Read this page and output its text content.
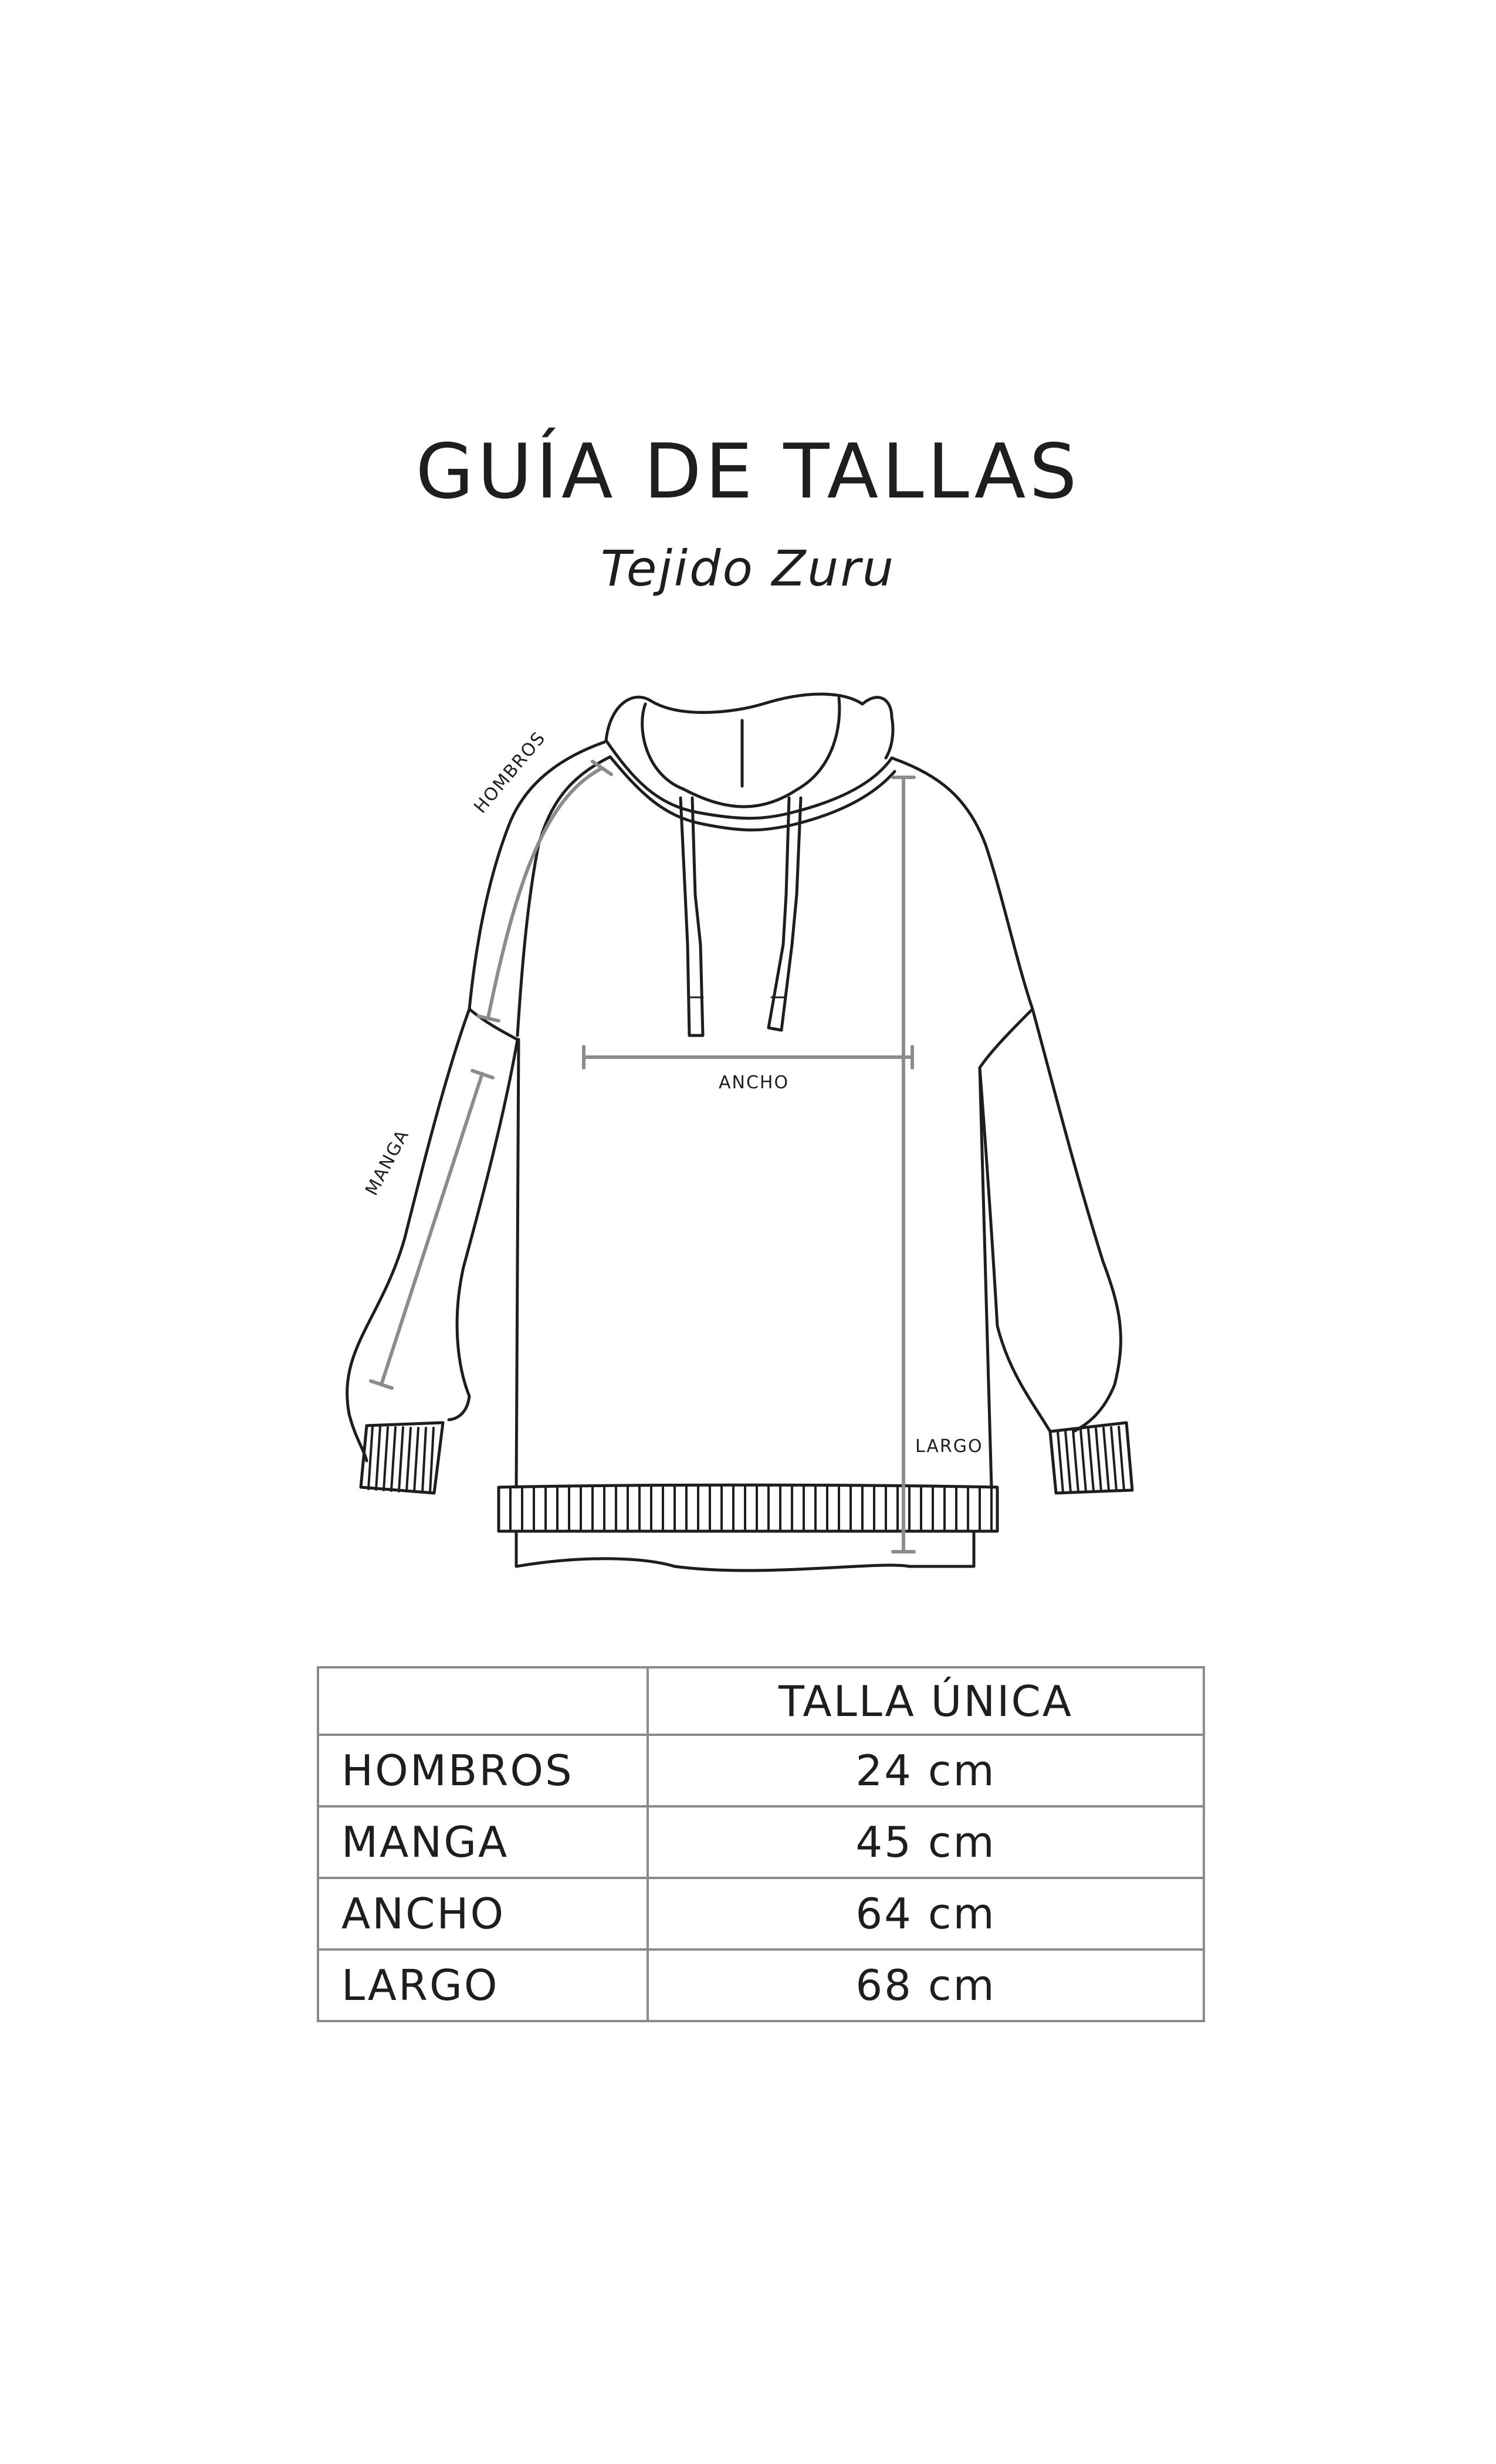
GUÍA DE TALLAS
Tejido Zuru
HOMBROS
MANGA
ANCHO
LARGO
	TALLA ÚNICA
HOMBROS	24 cm
MANGA	45 cm
ANCHO	64 cm
LARGO	68 cm
